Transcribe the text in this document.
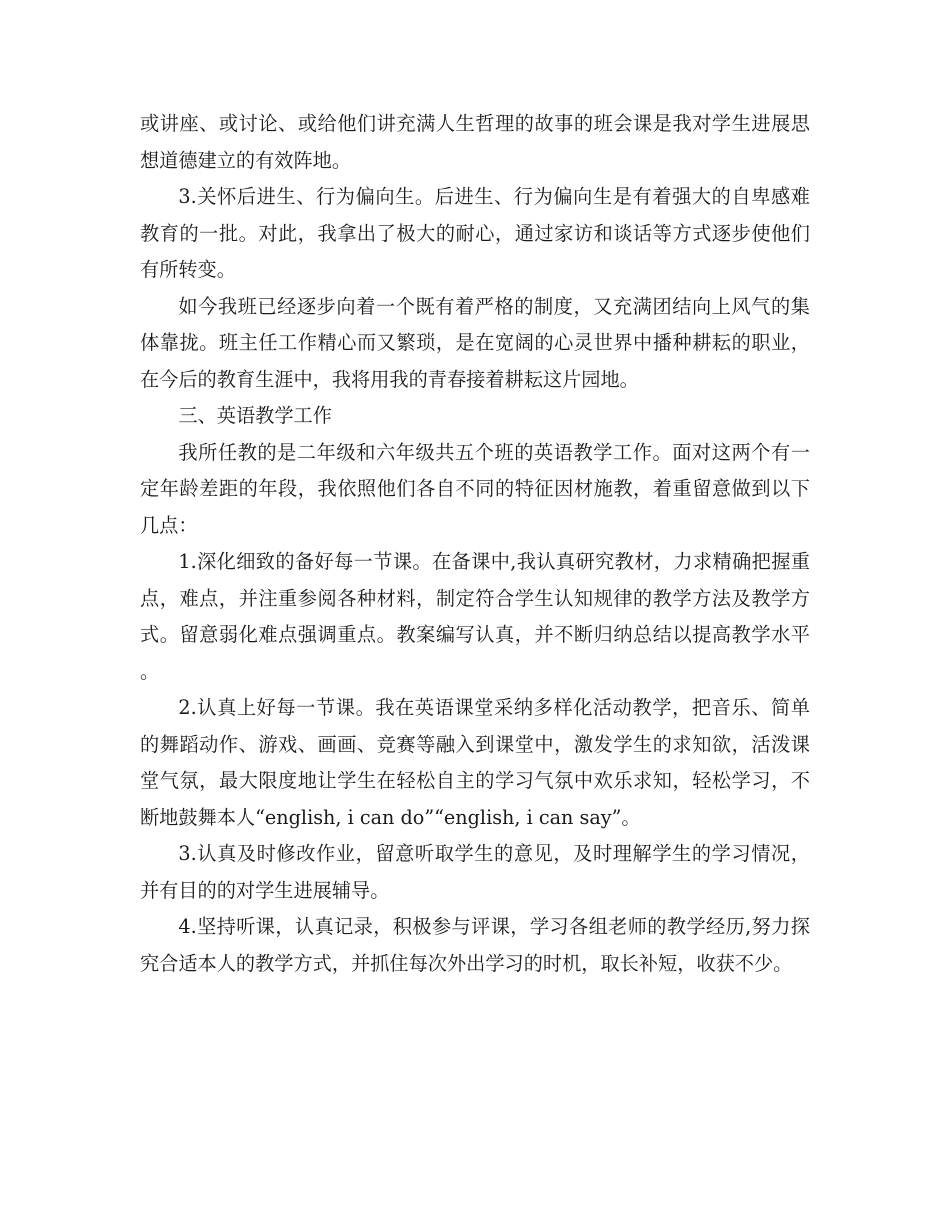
或讲座、或讨论、或给他们讲充满人生哲理的故事的班会课是我对学生进展思想道德建立的有效阵地。

3.关怀后进生、行为偏向生。后进生、行为偏向生是有着强大的自卑感难教育的一批。对此，我拿出了极大的耐心，通过家访和谈话等方式逐步使他们有所转变。

如今我班已经逐步向着一个既有着严格的制度，又充满团结向上风气的集体靠拢。班主任工作精心而又繁琐，是在宽阔的心灵世界中播种耕耘的职业，在今后的教育生涯中，我将用我的青春接着耕耘这片园地。

三、英语教学工作

我所任教的是二年级和六年级共五个班的英语教学工作。面对这两个有一定年龄差距的年段，我依照他们各自不同的特征因材施教，着重留意做到以下几点：

1.深化细致的备好每一节课。在备课中,我认真研究教材，力求精确把握重点，难点，并注重参阅各种材料，制定符合学生认知规律的教学方法及教学方式。留意弱化难点强调重点。教案编写认真，并不断归纳总结以提高教学水平。

2.认真上好每一节课。我在英语课堂采纳多样化活动教学，把音乐、简单的舞蹈动作、游戏、画画、竞赛等融入到课堂中，激发学生的求知欲，活泼课堂气氛，最大限度地让学生在轻松自主的学习气氛中欢乐求知，轻松学习，不断地鼓舞本人“english, i can do”“english, i can say”。

3.认真及时修改作业，留意听取学生的意见，及时理解学生的学习情况，并有目的的对学生进展辅导。

4.坚持听课，认真记录，积极参与评课，学习各组老师的教学经历,努力探究合适本人的教学方式，并抓住每次外出学习的时机，取长补短，收获不少。
